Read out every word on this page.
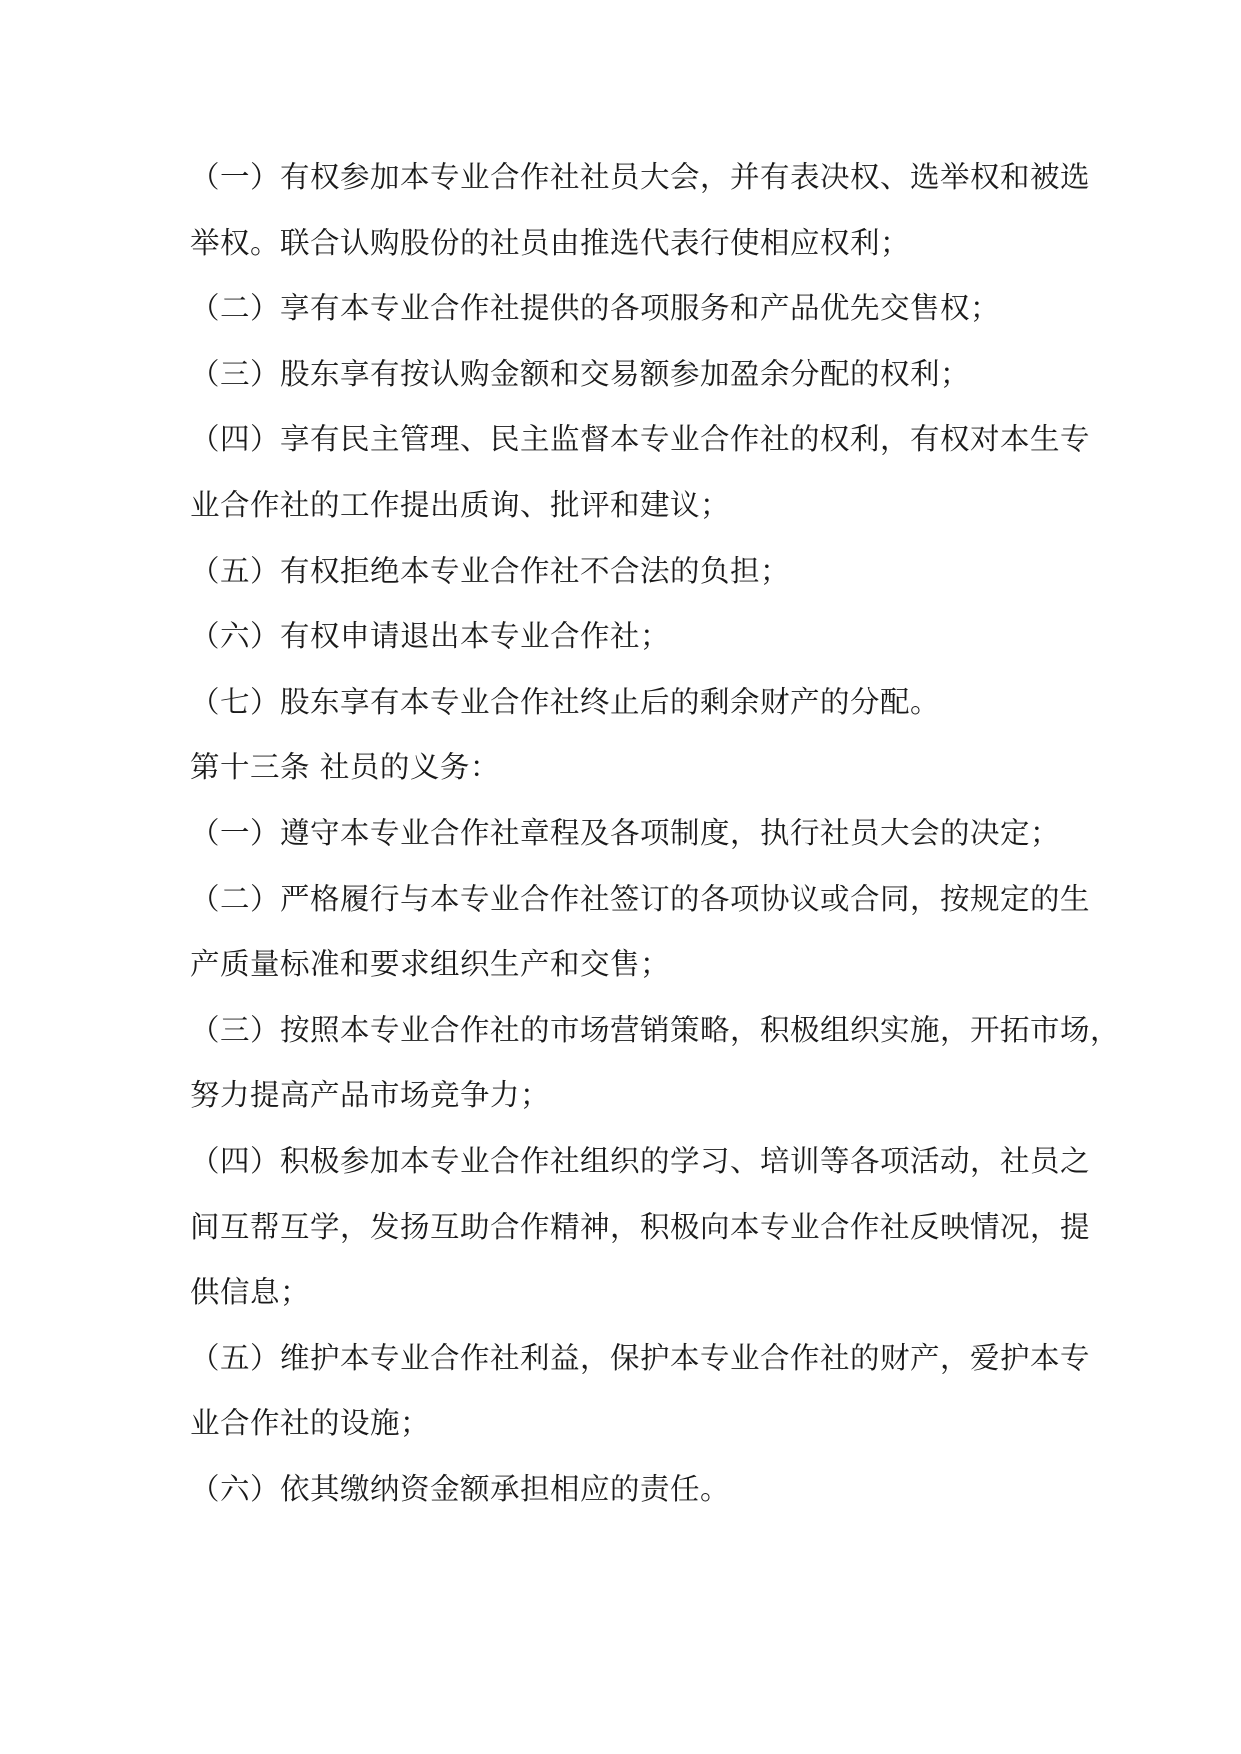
（一）有权参加本专业合作社社员大会，并有表决权、选举权和被选
举权。联合认购股份的社员由推选代表行使相应权利；
（二）享有本专业合作社提供的各项服务和产品优先交售权；
（三）股东享有按认购金额和交易额参加盈余分配的权利；
（四）享有民主管理、民主监督本专业合作社的权利，有权对本生专
业合作社的工作提出质询、批评和建议；
（五）有权拒绝本专业合作社不合法的负担；
（六）有权申请退出本专业合作社；
（七）股东享有本专业合作社终止后的剩余财产的分配。
第十三条 社员的义务：
（一）遵守本专业合作社章程及各项制度，执行社员大会的决定；
（二）严格履行与本专业合作社签订的各项协议或合同，按规定的生
产质量标准和要求组织生产和交售；
（三）按照本专业合作社的市场营销策略，积极组织实施，开拓市场，
努力提高产品市场竞争力；
（四）积极参加本专业合作社组织的学习、培训等各项活动，社员之
间互帮互学，发扬互助合作精神，积极向本专业合作社反映情况，提
供信息；
（五）维护本专业合作社利益，保护本专业合作社的财产，爱护本专
业合作社的设施；
（六）依其缴纳资金额承担相应的责任。
